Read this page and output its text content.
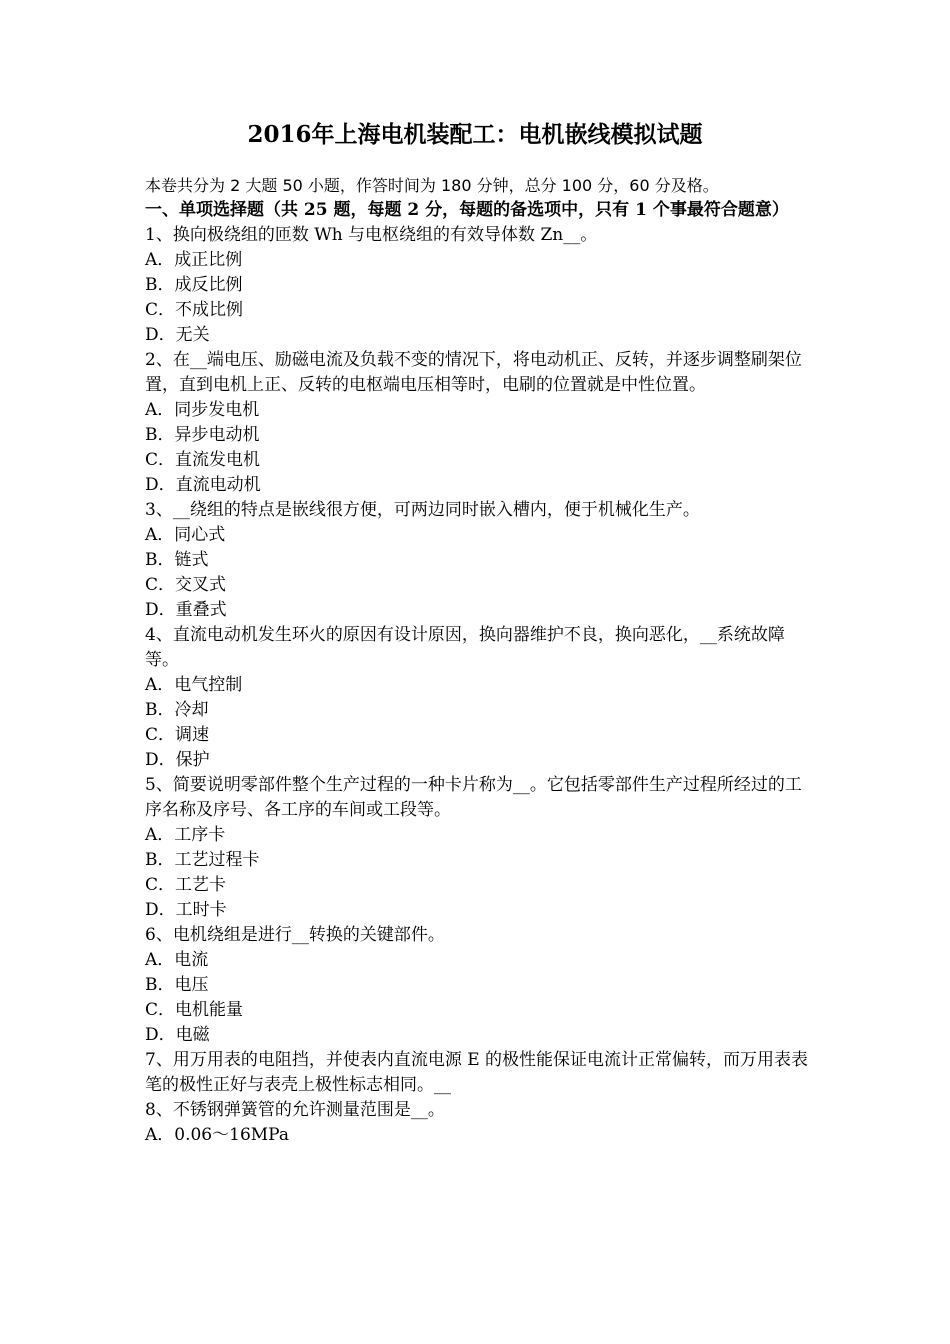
2016年上海电机装配工：电机嵌线模拟试题
本卷共分为 2 大题 50 小题，作答时间为 180 分钟，总分 100 分，60 分及格。
一、单项选择题（共 25 题，每题 2 分，每题的备选项中，只有 1 个事最符合题意）
1、换向极绕组的匝数 Wh 与电枢绕组的有效导体数 Zn__。
A．成正比例
B．成反比例
C．不成比例
D．无关
2、在__端电压、励磁电流及负载不变的情况下，将电动机正、反转，并逐步调整刷架位置，直到电机上正、反转的电枢端电压相等时，电刷的位置就是中性位置。
A．同步发电机
B．异步电动机
C．直流发电机
D．直流电动机
3、__绕组的特点是嵌线很方便，可两边同时嵌入槽内，便于机械化生产。
A．同心式
B．链式
C．交叉式
D．重叠式
4、直流电动机发生环火的原因有设计原因，换向器维护不良，换向恶化，__系统故障等。
A．电气控制
B．冷却
C．调速
D．保护
5、简要说明零部件整个生产过程的一种卡片称为__。它包括零部件生产过程所经过的工序名称及序号、各工序的车间或工段等。
A．工序卡
B．工艺过程卡
C．工艺卡
D．工时卡
6、电机绕组是进行__转换的关键部件。
A．电流
B．电压
C．电机能量
D．电磁
7、用万用表的电阻挡，并使表内直流电源 E 的极性能保证电流计正常偏转，而万用表表笔的极性正好与表壳上极性标志相同。__
8、不锈钢弹簧管的允许测量范围是__。
A．0.06～16MPa
